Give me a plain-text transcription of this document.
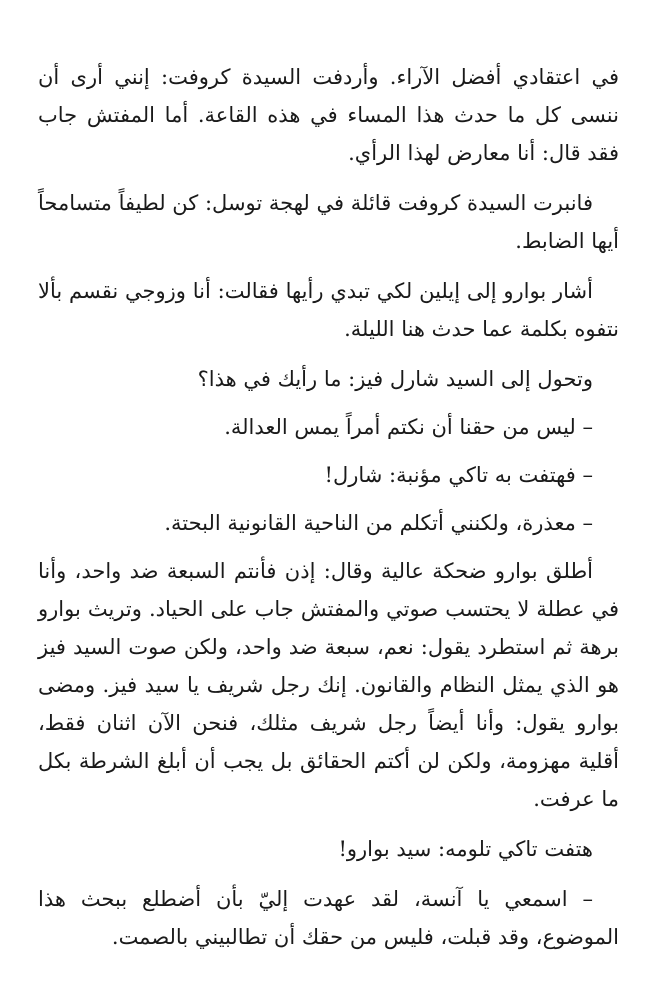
في اعتقادي أفضل الآراء. وأردفت السيدة كروفت: إنني أرى أن ننسى كل ما حدث هذا المساء في هذه القاعة. أما المفتش جاب فقد قال: أنا معارض لهذا الرأي.

فانبرت السيدة كروفت قائلة في لهجة توسل: كن لطيفاً متسامحاً أيها الضابط.

أشار بوارو إلى إيلين لكي تبدي رأيها فقالت: أنا وزوجي نقسم بألا نتفوه بكلمة عما حدث هنا الليلة.

وتحول إلى السيد شارل فيز: ما رأيك في هذا؟

– ليس من حقنا أن نكتم أمراً يمس العدالة.

– فهتفت به تاكي مؤنبة: شارل!

– معذرة، ولكنني أتكلم من الناحية القانونية البحتة.

أطلق بوارو ضحكة عالية وقال: إذن فأنتم السبعة ضد واحد، وأنا في عطلة لا يحتسب صوتي والمفتش جاب على الحياد. وتريث بوارو برهة ثم استطرد يقول: نعم، سبعة ضد واحد، ولكن صوت السيد فيز هو الذي يمثل النظام والقانون. إنك رجل شريف يا سيد فيز. ومضى بوارو يقول: وأنا أيضاً رجل شريف مثلك، فنحن الآن اثنان فقط، أقلية مهزومة، ولكن لن أكتم الحقائق بل يجب أن أبلغ الشرطة بكل ما عرفت.

هتفت تاكي تلومه: سيد بوارو!

– اسمعي يا آنسة، لقد عهدت إليّ بأن أضطلع ببحث هذا الموضوع، وقد قبلت، فليس من حقك أن تطالبيني بالصمت.
